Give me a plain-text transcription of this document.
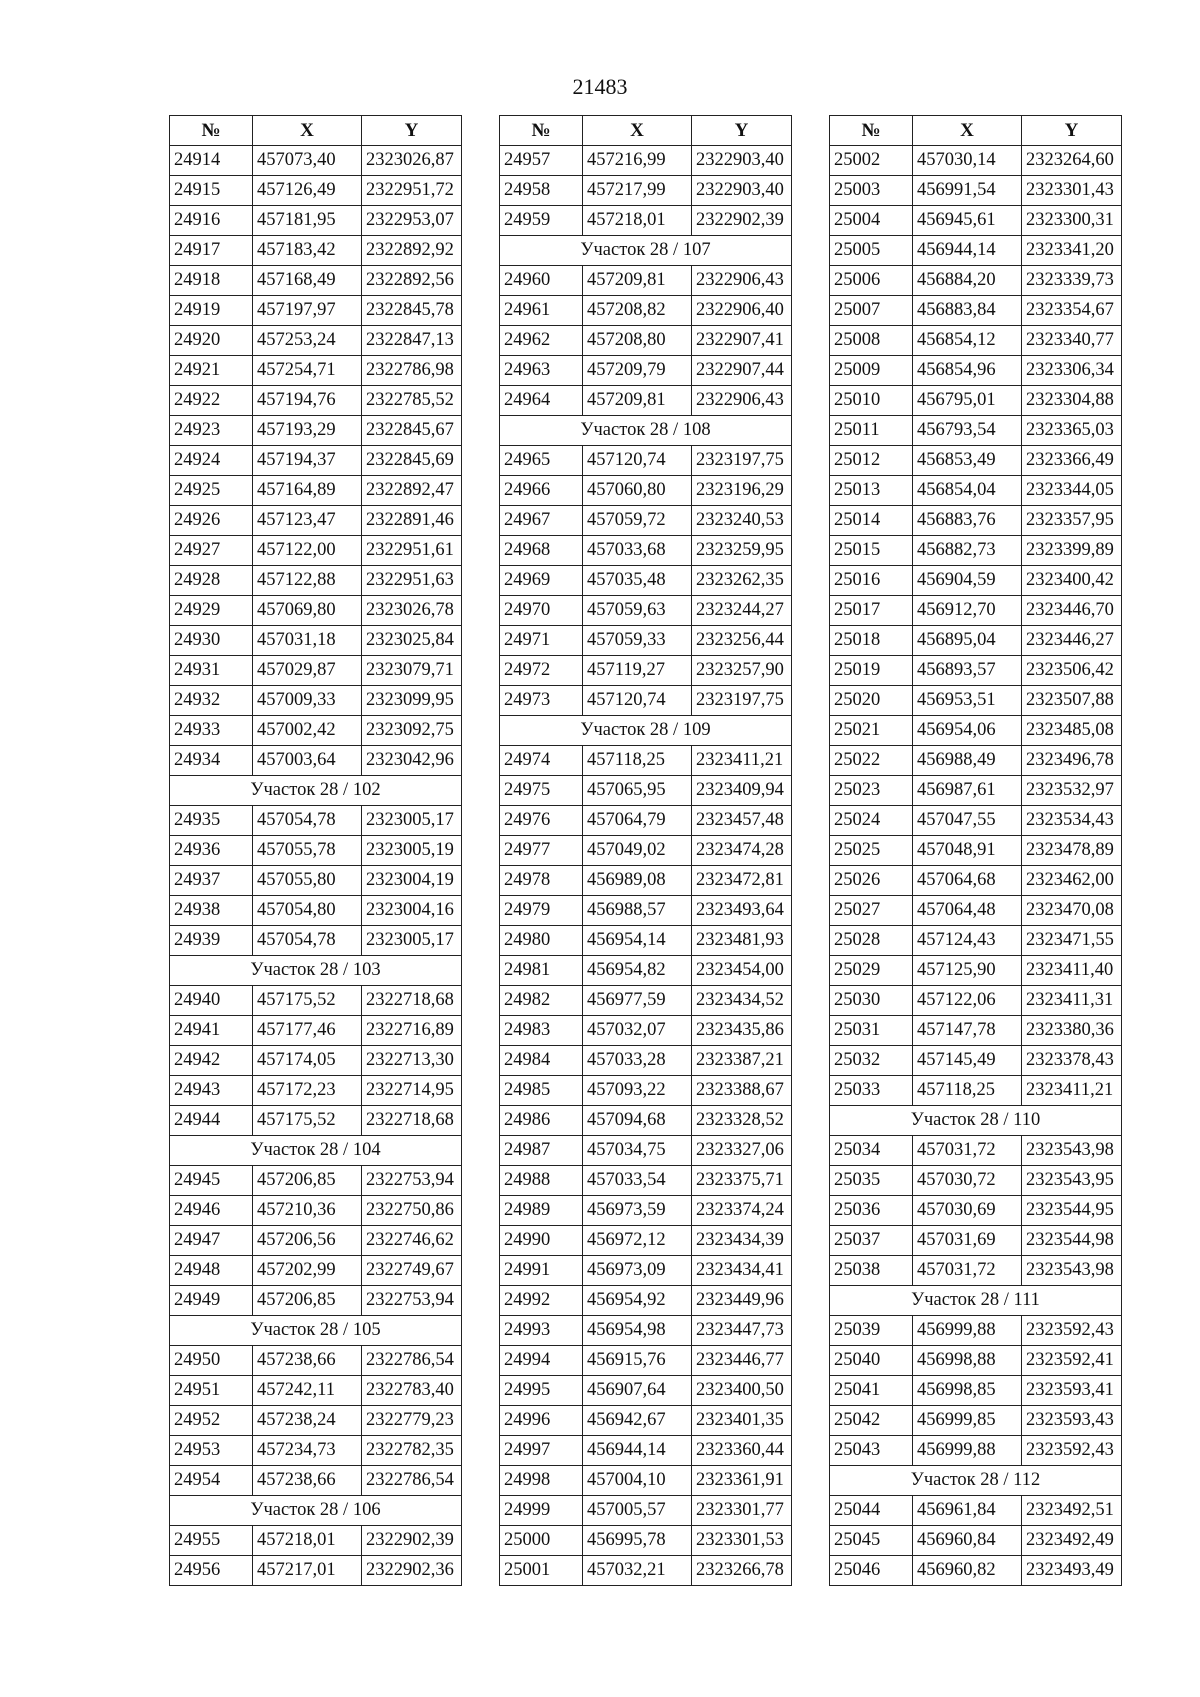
21483
№	X	Y
24914	457073,40	2323026,87
24915	457126,49	2322951,72
24916	457181,95	2322953,07
24917	457183,42	2322892,92
24918	457168,49	2322892,56
24919	457197,97	2322845,78
24920	457253,24	2322847,13
24921	457254,71	2322786,98
24922	457194,76	2322785,52
24923	457193,29	2322845,67
24924	457194,37	2322845,69
24925	457164,89	2322892,47
24926	457123,47	2322891,46
24927	457122,00	2322951,61
24928	457122,88	2322951,63
24929	457069,80	2323026,78
24930	457031,18	2323025,84
24931	457029,87	2323079,71
24932	457009,33	2323099,95
24933	457002,42	2323092,75
24934	457003,64	2323042,96
Участок 28 / 102		
24935	457054,78	2323005,17
24936	457055,78	2323005,19
24937	457055,80	2323004,19
24938	457054,80	2323004,16
24939	457054,78	2323005,17
Участок 28 / 103		
24940	457175,52	2322718,68
24941	457177,46	2322716,89
24942	457174,05	2322713,30
24943	457172,23	2322714,95
24944	457175,52	2322718,68
Участок 28 / 104		
24945	457206,85	2322753,94
24946	457210,36	2322750,86
24947	457206,56	2322746,62
24948	457202,99	2322749,67
24949	457206,85	2322753,94
Участок 28 / 105		
24950	457238,66	2322786,54
24951	457242,11	2322783,40
24952	457238,24	2322779,23
24953	457234,73	2322782,35
24954	457238,66	2322786,54
Участок 28 / 106		
24955	457218,01	2322902,39
24956	457217,01	2322902,36
№	X	Y
24957	457216,99	2322903,40
24958	457217,99	2322903,40
24959	457218,01	2322902,39
Участок 28 / 107		
24960	457209,81	2322906,43
24961	457208,82	2322906,40
24962	457208,80	2322907,41
24963	457209,79	2322907,44
24964	457209,81	2322906,43
Участок 28 / 108		
24965	457120,74	2323197,75
24966	457060,80	2323196,29
24967	457059,72	2323240,53
24968	457033,68	2323259,95
24969	457035,48	2323262,35
24970	457059,63	2323244,27
24971	457059,33	2323256,44
24972	457119,27	2323257,90
24973	457120,74	2323197,75
Участок 28 / 109		
24974	457118,25	2323411,21
24975	457065,95	2323409,94
24976	457064,79	2323457,48
24977	457049,02	2323474,28
24978	456989,08	2323472,81
24979	456988,57	2323493,64
24980	456954,14	2323481,93
24981	456954,82	2323454,00
24982	456977,59	2323434,52
24983	457032,07	2323435,86
24984	457033,28	2323387,21
24985	457093,22	2323388,67
24986	457094,68	2323328,52
24987	457034,75	2323327,06
24988	457033,54	2323375,71
24989	456973,59	2323374,24
24990	456972,12	2323434,39
24991	456973,09	2323434,41
24992	456954,92	2323449,96
24993	456954,98	2323447,73
24994	456915,76	2323446,77
24995	456907,64	2323400,50
24996	456942,67	2323401,35
24997	456944,14	2323360,44
24998	457004,10	2323361,91
24999	457005,57	2323301,77
25000	456995,78	2323301,53
25001	457032,21	2323266,78
№	X	Y
25002	457030,14	2323264,60
25003	456991,54	2323301,43
25004	456945,61	2323300,31
25005	456944,14	2323341,20
25006	456884,20	2323339,73
25007	456883,84	2323354,67
25008	456854,12	2323340,77
25009	456854,96	2323306,34
25010	456795,01	2323304,88
25011	456793,54	2323365,03
25012	456853,49	2323366,49
25013	456854,04	2323344,05
25014	456883,76	2323357,95
25015	456882,73	2323399,89
25016	456904,59	2323400,42
25017	456912,70	2323446,70
25018	456895,04	2323446,27
25019	456893,57	2323506,42
25020	456953,51	2323507,88
25021	456954,06	2323485,08
25022	456988,49	2323496,78
25023	456987,61	2323532,97
25024	457047,55	2323534,43
25025	457048,91	2323478,89
25026	457064,68	2323462,00
25027	457064,48	2323470,08
25028	457124,43	2323471,55
25029	457125,90	2323411,40
25030	457122,06	2323411,31
25031	457147,78	2323380,36
25032	457145,49	2323378,43
25033	457118,25	2323411,21
Участок 28 / 110		
25034	457031,72	2323543,98
25035	457030,72	2323543,95
25036	457030,69	2323544,95
25037	457031,69	2323544,98
25038	457031,72	2323543,98
Участок 28 / 111		
25039	456999,88	2323592,43
25040	456998,88	2323592,41
25041	456998,85	2323593,41
25042	456999,85	2323593,43
25043	456999,88	2323592,43
Участок 28 / 112		
25044	456961,84	2323492,51
25045	456960,84	2323492,49
25046	456960,82	2323493,49
